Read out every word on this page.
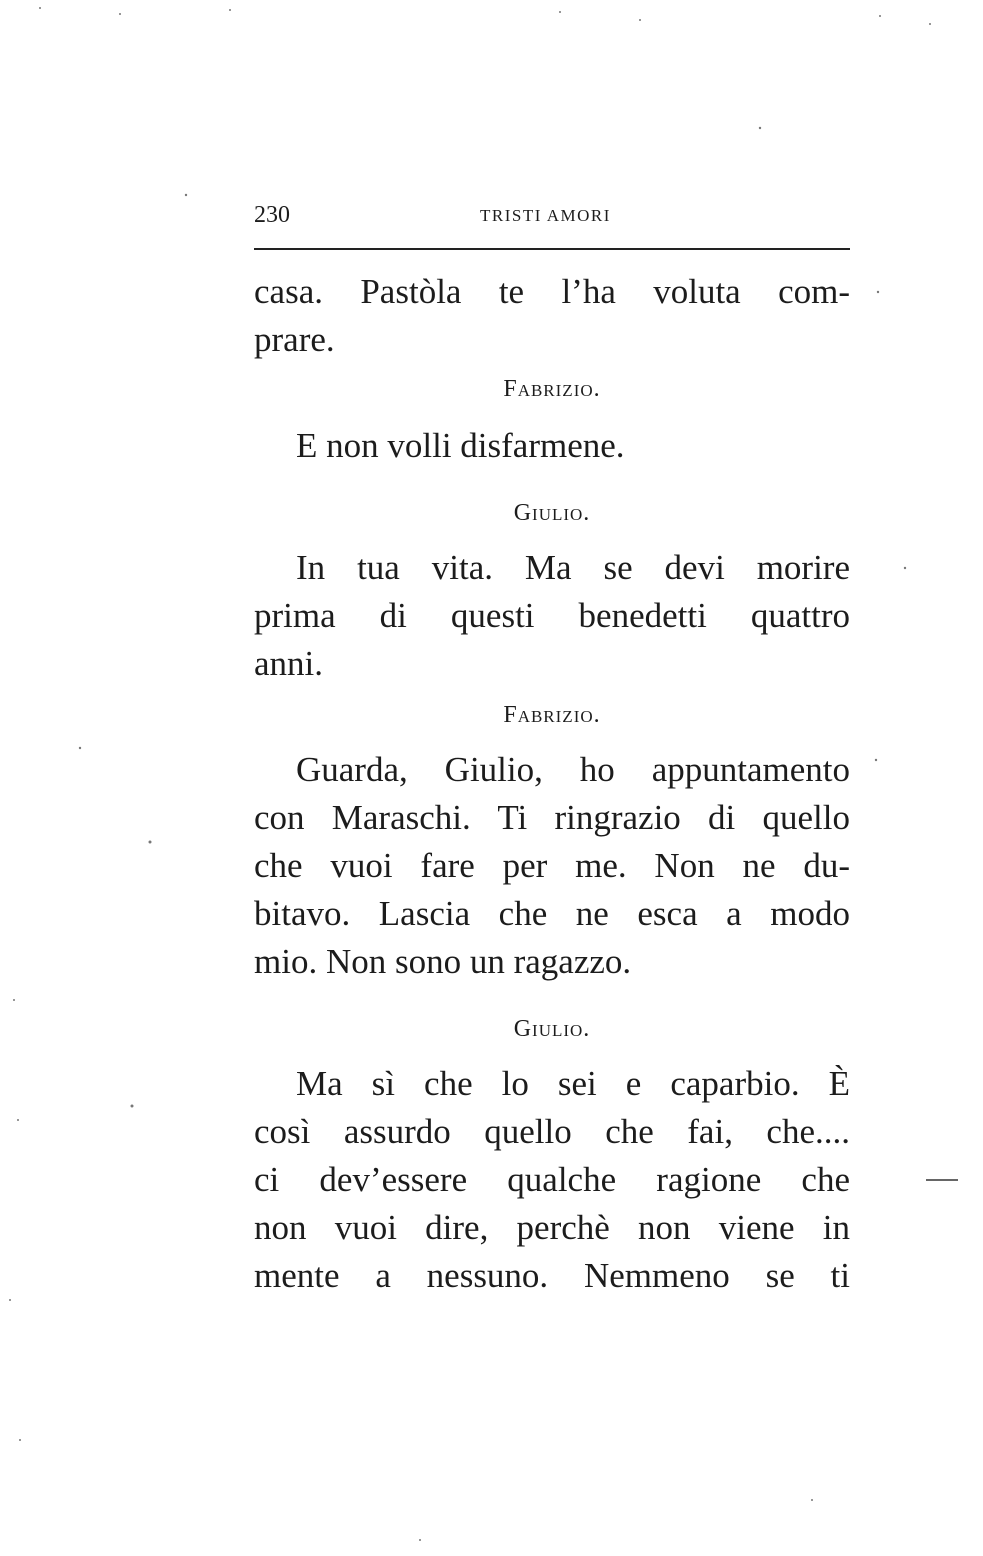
230	TRISTI AMORI

casa. Pastòla te l’ha voluta com-
prare.

Fabrizio.

E non volli disfarmene.

Giulio.

In tua vita. Ma se devi morire
prima di questi benedetti quattro
anni.

Fabrizio.

Guarda, Giulio, ho appuntamento
con Maraschi. Ti ringrazio di quello
che vuoi fare per me. Non ne du-
bitavo. Lascia che ne esca a modo
mio. Non sono un ragazzo.

Giulio.

Ma sì che lo sei e caparbio. È
così assurdo quello che fai, che....
ci dev’essere qualche ragione che
non vuoi dire, perchè non viene in
mente a nessuno. Nemmeno se ti
